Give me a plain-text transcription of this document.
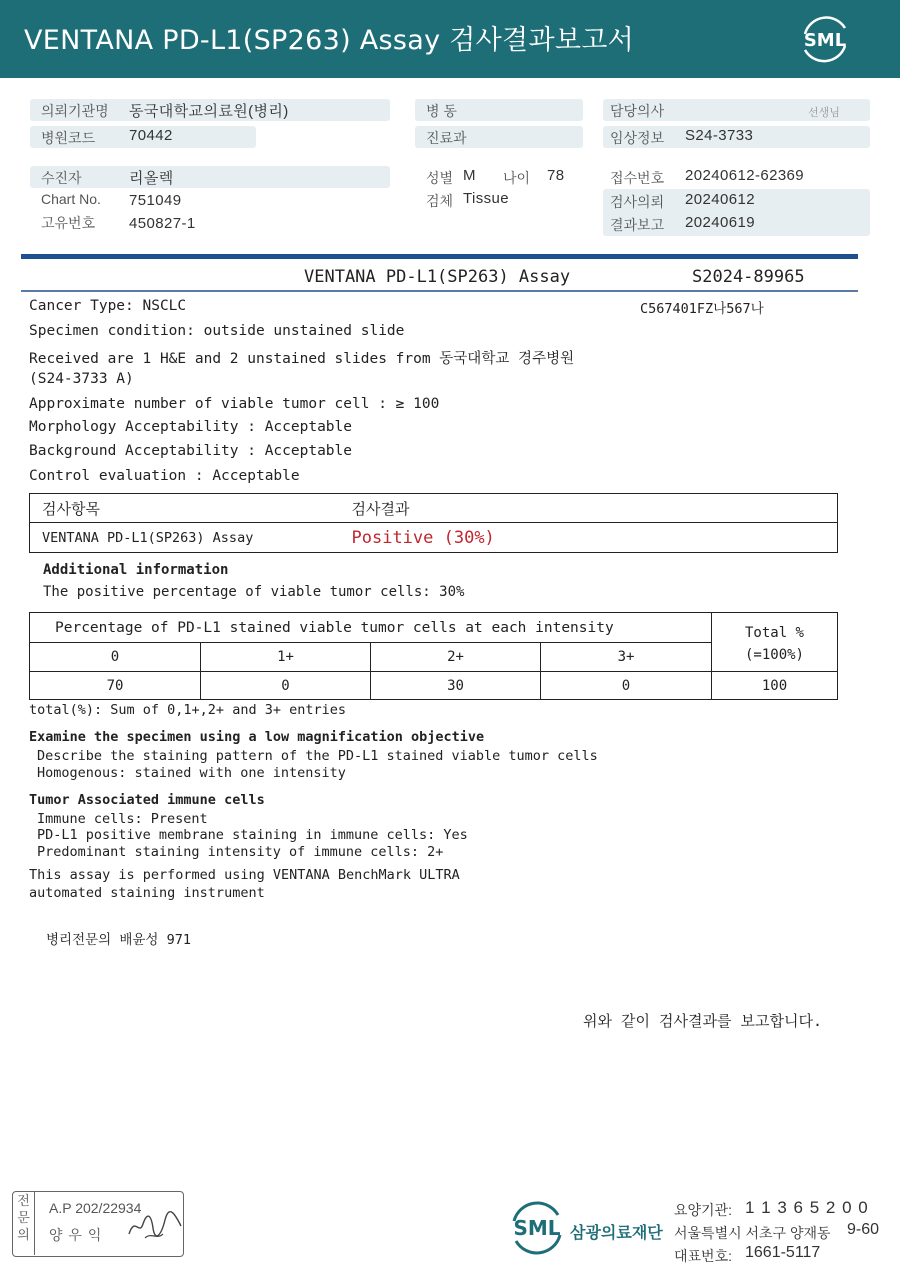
VENTANA PD-L1(SP263) Assay 검사결과보고서	SML
의뢰기관명 동국대학교의료원(병리)
병원코드 70442
수진자	리올렉
Chart No. 751049
고유번호 450827-1
병 동
진료과
성별 M 나이 78
검체 Tissue
담당의사	선생님
임상정보 S24-3733
접수번호 20240612-62369
검사의뢰 20240612
결과보고 20240619
VENTANA PD-L1(SP263) Assay	S2024-89965
C567401FZ나567나
Cancer Type: NSCLC
Specimen condition: outside unstained slide
Received are 1 H&E and 2 unstained slides from 동국대학교 경주병원
(S24-3733 A)
Approximate number of viable tumor cell : ≥ 100
Morphology Acceptability : Acceptable
Background Acceptability : Acceptable
Control evaluation : Acceptable
검사항목	검사결과
VENTANA PD-L1(SP263) Assay	Positive (30%)
Additional information
The positive percentage of viable tumor cells: 30%
Percentage of PD-L1 stained viable tumor cells at each intensity				Total %
(=100%)

0	1+	2+	3+	
70	0	30	0	100
total(%): Sum of 0,1+,2+ and 3+ entries
Examine the specimen using a low magnification objective
Describe the staining pattern of the PD-L1 stained viable tumor cells
Homogenous: stained with one intensity
Tumor Associated immune cells
Immune cells: Present
PD-L1 positive membrane staining in immune cells: Yes
Predominant staining intensity of immune cells: 2+
This assay is performed using VENTANA BenchMark ULTRA
automated staining instrument
병리전문의 배윤성 971
위와 같이 검사결과를 보고합니다.
전
문
의
A.P 202/22934
양 우 익	SML 삼광의료재단
요양기관: 1 1 3 6 5 2 0 0
서울특별시 서초구 양재동 9-60
대표번호: 1661-5117
